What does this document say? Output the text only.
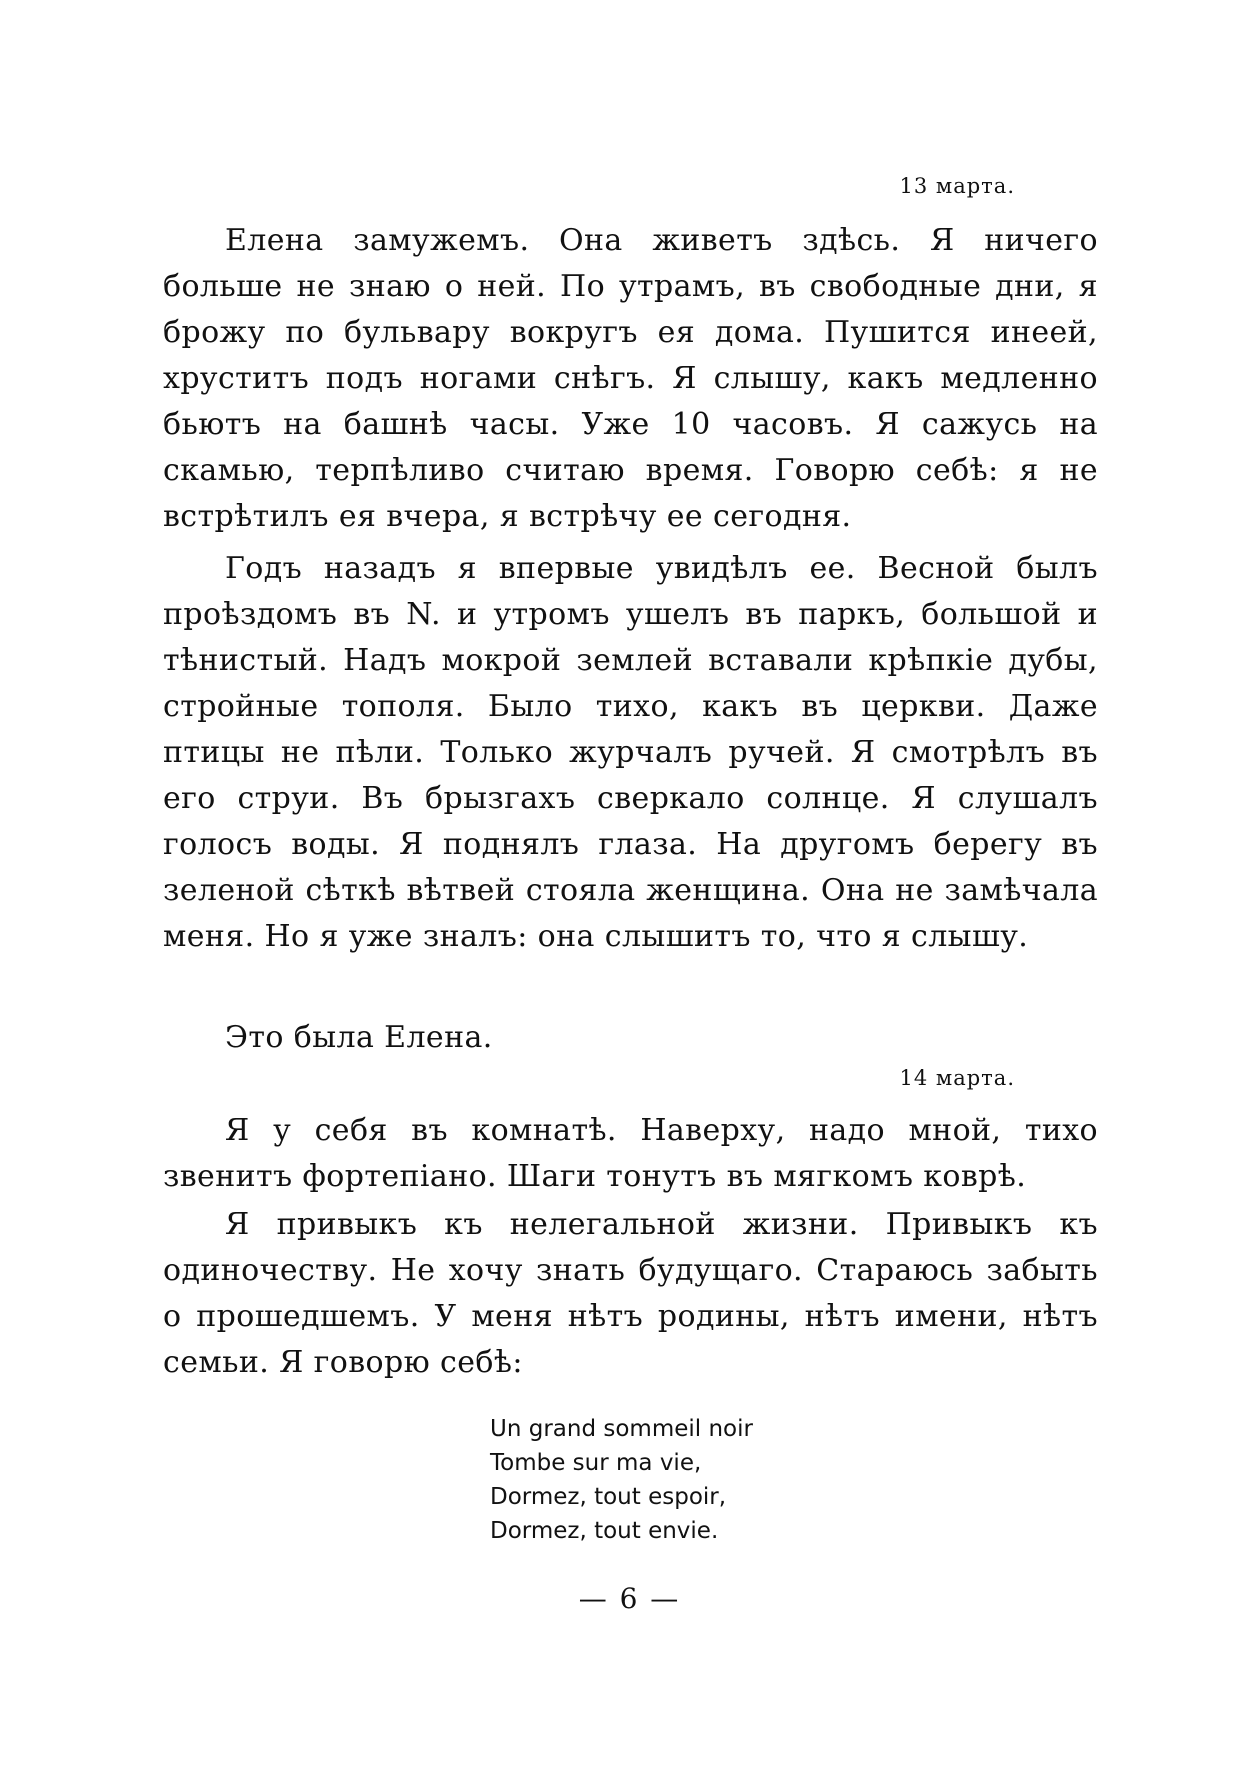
13 марта.

Елена замужемъ. Она живетъ здѣсь. Я ничего больше не знаю о ней. По утрамъ, въ свободные дни, я брожу по бульвару вокругъ ея дома. Пушится инеей, хруститъ подъ ногами снѣгъ. Я слышу, какъ медленно бьютъ на башнѣ часы. Уже 10 часовъ. Я сажусь на скамью, терпѣливо считаю время. Говорю себѣ: я не встрѣтилъ ея вчера, я встрѣчу ее сегодня.

Годъ назадъ я впервые увидѣлъ ее. Весной былъ проѣздомъ въ N. и утромъ ушелъ въ паркъ, большой и тѣнистый. Надъ мокрой землей вставали крѣпкіе дубы, стройные тополя. Было тихо, какъ въ церкви. Даже птицы не пѣли. Только журчалъ ручей. Я смотрѣлъ въ его струи. Въ брызгахъ сверкало солнце. Я слушалъ голосъ воды. Я поднялъ глаза. На другомъ берегу въ зеленой сѣткѣ вѣтвей стояла женщина. Она не замѣчала меня. Но я уже зналъ: она слышитъ то, что я слышу.

Это была Елена.

14 марта.

Я у себя въ комнатѣ. Наверху, надо мной, тихо звенитъ фортепіано. Шаги тонутъ въ мягкомъ коврѣ.

Я привыкъ къ нелегальной жизни. Привыкъ къ одиночеству. Не хочу знать будущаго. Стараюсь забыть о прошедшемъ. У меня нѣтъ родины, нѣтъ имени, нѣтъ семьи. Я говорю себѣ:

Un grand sommeil noir
Tombe sur ma vie,
Dormez, tout espoir,
Dormez, tout envie.
— 6 —
